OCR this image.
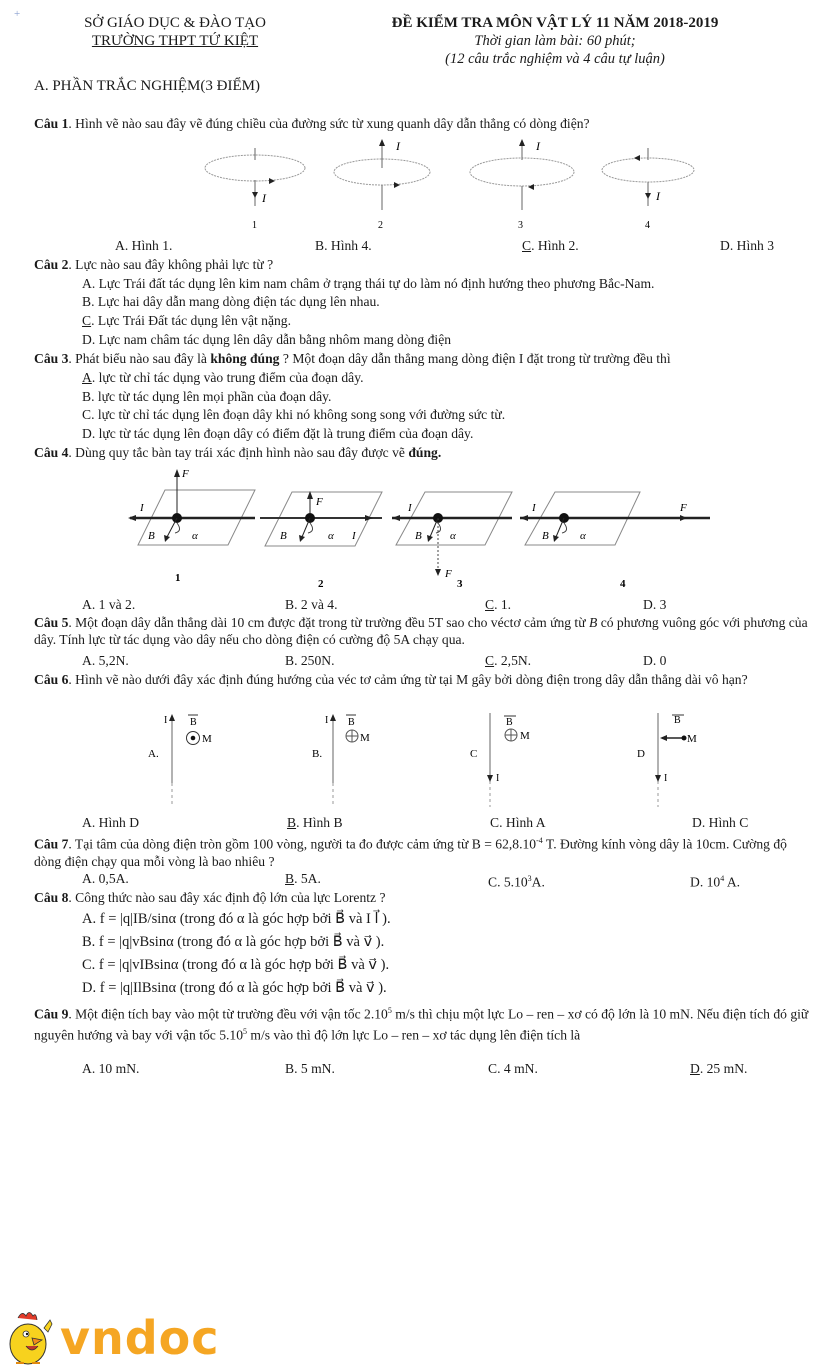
+
SỞ GIÁO DỤC & ĐÀO TẠO
TRƯỜNG THPT TỨ KIỆT
ĐỀ KIỂM TRA MÔN VẬT LÝ 11 NĂM 2018-2019
Thời gian làm bài: 60 phút;
(12 câu trắc nghiệm và 4 câu tự luận)
A. PHẦN TRẮC NGHIỆM(3 ĐIỂM)
Câu 1. Hình vẽ nào sau đây vẽ đúng chiều của đường sức từ xung quanh dây dẫn thẳng có dòng điện?
I
1
I
2
I
3
I
4
A. Hình 1.	B. Hình 4.	C. Hình 2.	D. Hình 3
Câu 2. Lực nào sau đây không phải lực từ ?
A. Lực Trái đất tác dụng lên kim nam châm ở trạng thái tự do làm nó định hướng theo phương Bắc-Nam.
B. Lực hai dây dẫn mang dòng điện tác dụng lên nhau.
C. Lực Trái Đất tác dụng lên vật nặng.
D. Lực nam châm tác dụng lên dây dẫn bằng nhôm mang dòng điện
Câu 3. Phát biểu nào sau đây là không đúng ? Một đoạn dây dẫn thẳng mang dòng điện I đặt trong từ trường đều thì
A. lực từ chỉ tác dụng vào trung điểm của đoạn dây.
B. lực từ tác dụng lên mọi phần của đoạn dây.
C. lực từ chỉ tác dụng lên đoạn dây khi nó không song song với đường sức từ.
D. lực từ tác dụng lên đoạn dây có điểm đặt là trung điểm của đoạn dây.
Câu 4. Dùng quy tắc bàn tay trái xác định hình nào sau đây được vẽ đúng.
F
I
B	α
1
F
B	α I
2
I
B	α
F
3
I	F
B	α
4
A. 1 và 2.	B. 2 và 4.	C. 1.	D. 3
Câu 5. Một đoạn dây dẫn thẳng dài 10 cm được đặt trong từ trường đều 5T sao cho véctơ cảm ứng từ B có phương vuông góc với phương của dây. Tính lực từ tác dụng vào dây nếu cho dòng điện có cường độ 5A chạy qua.
A. 5,2N.	B. 250N.	C. 2,5N.	D. 0
Câu 6. Hình vẽ nào dưới đây xác định đúng hướng của véc tơ cảm ứng từ tại M gây bởi dòng điện trong dây dẫn thẳng dài vô hạn?
I B
M
A.
I B
M
B.
I
B
M
C
I
B
M
D
A. Hình D	B. Hình B	C. Hình A	D. Hình C
Câu 7. Tại tâm của dòng điện tròn gồm 100 vòng, người ta đo được cảm ứng từ $B = 62,8.10^{-4}$ T. Đường kính vòng dây là 10cm. Cường độ dòng điện chạy qua mỗi vòng là bao nhiêu ?
A. 0,5A.	B. 5A.	C. 5.10$^3$A.	D. $10^4$ A.
Câu 8. Công thức nào sau đây xác định độ lớn của lực Lorentz ?
A. f = |q|IB/sinα (trong đó α là góc hợp bởi B⃗ và I l⃗ ).
B. f = |q|vBsinα (trong đó α là góc hợp bởi B⃗ và v⃗ ).
C. f = |q|vIBsinα (trong đó α là góc hợp bởi B⃗ và v⃗ ).
D. f = |q|IlBsinα (trong đó α là góc hợp bởi B⃗ và v⃗ ).
Câu 9. Một điện tích bay vào một từ trường đều với vận tốc 2.10$^5$ m/s thì chịu một lực Lo – ren – xơ có độ lớn là 10 mN. Nếu điện tích đó giữ nguyên hướng và bay với vận tốc 5.10$^5$ m/s vào thì độ lớn lực Lo – ren – xơ tác dụng lên điện tích là
A. 10 mN.	B. 5 mN.	C. 4 mN.	D. 25 mN.
vndoc
